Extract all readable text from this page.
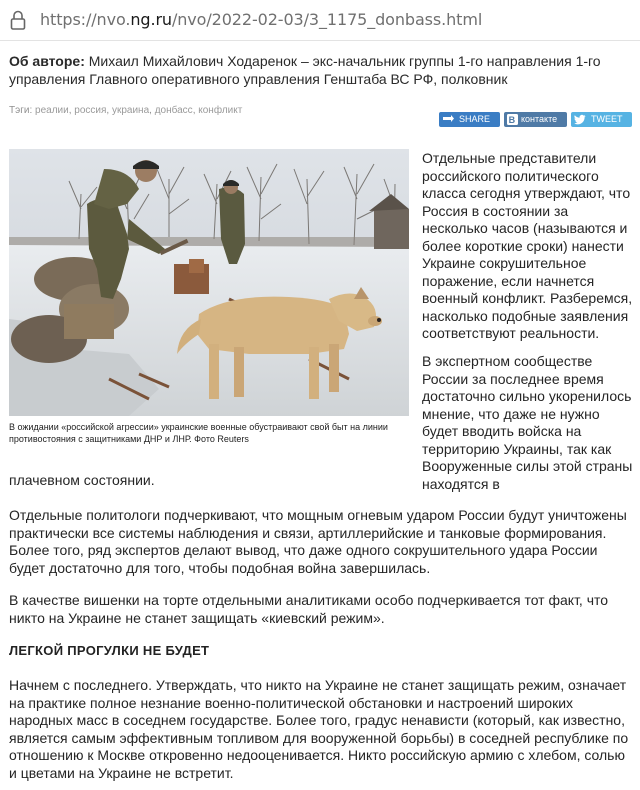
https://nvo.ng.ru/nvo/2022-02-03/3_1175_donbass.html
Об авторе: Михаил Михайлович Ходаренок – экс-начальник группы 1-го направления 1-го управления Главного оперативного управления Генштаба ВС РФ, полковник
Тэги: реалии, россия, украина, донбасс, конфликт
SHARE	B контакте	TWEET
В ожидании «российской агрессии» украинские военные обустраивают свой быт на линии противостояния с защитниками ДНР и ЛНР. Фото Reuters

Отдельные представители российского политического класса сегодня утверждают, что Россия в состоянии за несколько часов (называются и более короткие сроки) нанести Украине сокрушительное поражение, если начнется военный конфликт. Разберемся, насколько подобные заявления соответствуют реальности.

В экспертном сообществе России за последнее время достаточно сильно укоренилось мнение, что даже не нужно будет вводить войска на территорию Украины, так как Вооруженные силы этой страны находятся в

плачевном состоянии.

Отдельные политологи подчеркивают, что мощным огневым ударом России будут уничтожены практически все системы наблюдения и связи, артиллерийские и танковые формирования. Более того, ряд экспертов делают вывод, что даже одного сокрушительного удара России будет достаточно для того, чтобы подобная война завершилась.

В качестве вишенки на торте отдельными аналитиками особо подчеркивается тот факт, что никто на Украине не станет защищать «киевский режим».

ЛЕГКОЙ ПРОГУЛКИ НЕ БУДЕТ

Начнем с последнего. Утверждать, что никто на Украине не станет защищать режим, означает на практике полное незнание военно-политической обстановки и настроений широких народных масс в соседнем государстве. Более того, градус ненависти (который, как известно, является самым эффективным топливом для вооруженной борьбы) в соседней республике по отношению к Москве откровенно недооценивается. Никто российскую армию с хлебом, солью и цветами на Украине не встретит.
